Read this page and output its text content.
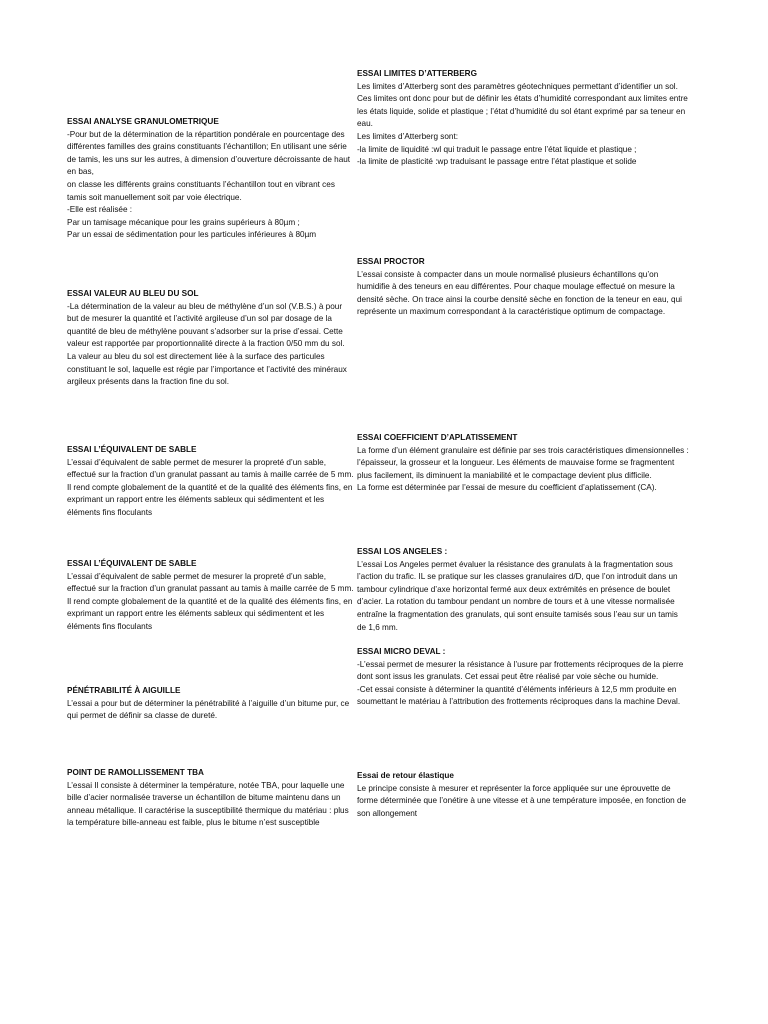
ESSAI ANALYSE GRANULOMETRIQUE

-Pour but de la détermination de la répartition pondérale en pourcentage des différentes familles des grains constituants l’échantillon; En utilisant une série de tamis, les uns sur les autres, à dimension d’ouverture décroissante de haut en bas,
on classe les différents grains constituants l’échantillon tout en vibrant ces tamis soit manuellement soit par voie électrique.
-Elle est réalisée :
Par un tamisage mécanique pour les grains supérieurs à 80µm ;
Par un essai de sédimentation pour les particules inférieures à 80µm

ESSAI VALEUR AU BLEU DU SOL

-La détermination de la valeur au bleu de méthylène d’un sol (V.B.S.) à pour but de mesurer la quantité et l’activité argileuse d’un sol par dosage de la quantité de bleu de méthylène pouvant s’adsorber sur la prise d’essai. Cette valeur est rapportée par proportionnalité directe à la fraction 0/50 mm du sol. La valeur au bleu du sol est directement liée à la surface des particules constituant le sol, laquelle est régie par l’importance et l’activité des minéraux argileux présents dans la fraction fine du sol.

ESSAI L’ÉQUIVALENT DE SABLE

L’essai d’équivalent de sable permet de mesurer la propreté d’un sable, effectué sur la fraction d’un granulat passant au tamis à maille carrée de 5 mm. Il rend compte globalement de la quantité et de la qualité des éléments fins, en exprimant un rapport entre les éléments sableux qui sédimentent et les éléments fins floculants

ESSAI L’ÉQUIVALENT DE SABLE

L’essai d’équivalent de sable permet de mesurer la propreté d’un sable, effectué sur la fraction d’un granulat passant au tamis à maille carrée de 5 mm. Il rend compte globalement de la quantité et de la qualité des éléments fins, en exprimant un rapport entre les éléments sableux qui sédimentent et les éléments fins floculants

PÉNÉTRABILITÉ À AIGUILLE

L’essai a pour but de déterminer la pénétrabilité à l’aiguille d’un bitume pur, ce qui permet de définir sa classe de dureté.

POINT DE RAMOLLISSEMENT TBA

L’essai Il consiste à déterminer la température, notée TBA, pour laquelle une bille d’acier normalisée traverse un échantillon de bitume maintenu dans un anneau métallique. Il caractérise la susceptibilité thermique du matériau : plus la température bille-anneau est faible, plus le bitume n’est susceptible

ESSAI LIMITES D’ATTERBERG

Les limites d’Atterberg sont des paramètres géotechniques permettant d’identifier un sol. Ces limites ont donc pour but de définir les états d’humidité correspondant aux limites entre les états liquide, solide et plastique ; l’état d’humidité du sol étant exprimé par sa teneur en eau.
Les limites d’Atterberg sont:
-la limite de liquidité :wl qui traduit le passage entre l’état liquide et plastique ;
-la limite de plasticité :wp traduisant le passage entre l’état plastique et solide

ESSAI PROCTOR

L’essai consiste à compacter dans un moule normalisé plusieurs échantillons qu’on humidifie à des teneurs en eau différentes. Pour chaque moulage effectué on mesure la densité sèche. On trace ainsi la courbe densité sèche en fonction de la teneur en eau, qui représente un maximum correspondant à la caractéristique optimum de compactage.

ESSAI COEFFICIENT D’APLATISSEMENT

La forme d’un élément granulaire est définie par ses trois caractéristiques dimensionnelles : l’épaisseur, la grosseur et la longueur. Les éléments de mauvaise forme se fragmentent plus facilement, ils diminuent la maniabilité et le compactage devient plus difficile.
La forme est déterminée par l’essai de mesure du coefficient d’aplatissement (CA).

ESSAI LOS ANGELES :

L’essai Los Angeles permet évaluer la résistance des granulats à la fragmentation sous l’action du trafic. IL se pratique sur les classes granulaires d/D, que l’on introduit dans un tambour cylindrique d’axe horizontal fermé aux deux extrémités en présence de boulet d’acier. La rotation du tambour pendant un nombre de tours et à une vitesse normalisée entraîne la fragmentation des granulats, qui sont ensuite tamisés sous l’eau sur un tamis de 1,6 mm.

ESSAI MICRO DEVAL :

-L’essai permet de mesurer la résistance à l’usure par frottements réciproques de la pierre dont sont issus les granulats. Cet essai peut être réalisé par voie sèche ou humide.
-Cet essai consiste à déterminer la quantité d’éléments inférieurs à 12,5 mm produite en soumettant le matériau à l’attribution des frottements réciproques dans la machine Deval.

Essai de retour élastique

Le principe consiste à mesurer et représenter la force appliquée sur une éprouvette de forme déterminée que l’onétire à une vitesse et à une température imposée, en fonction de son allongement
